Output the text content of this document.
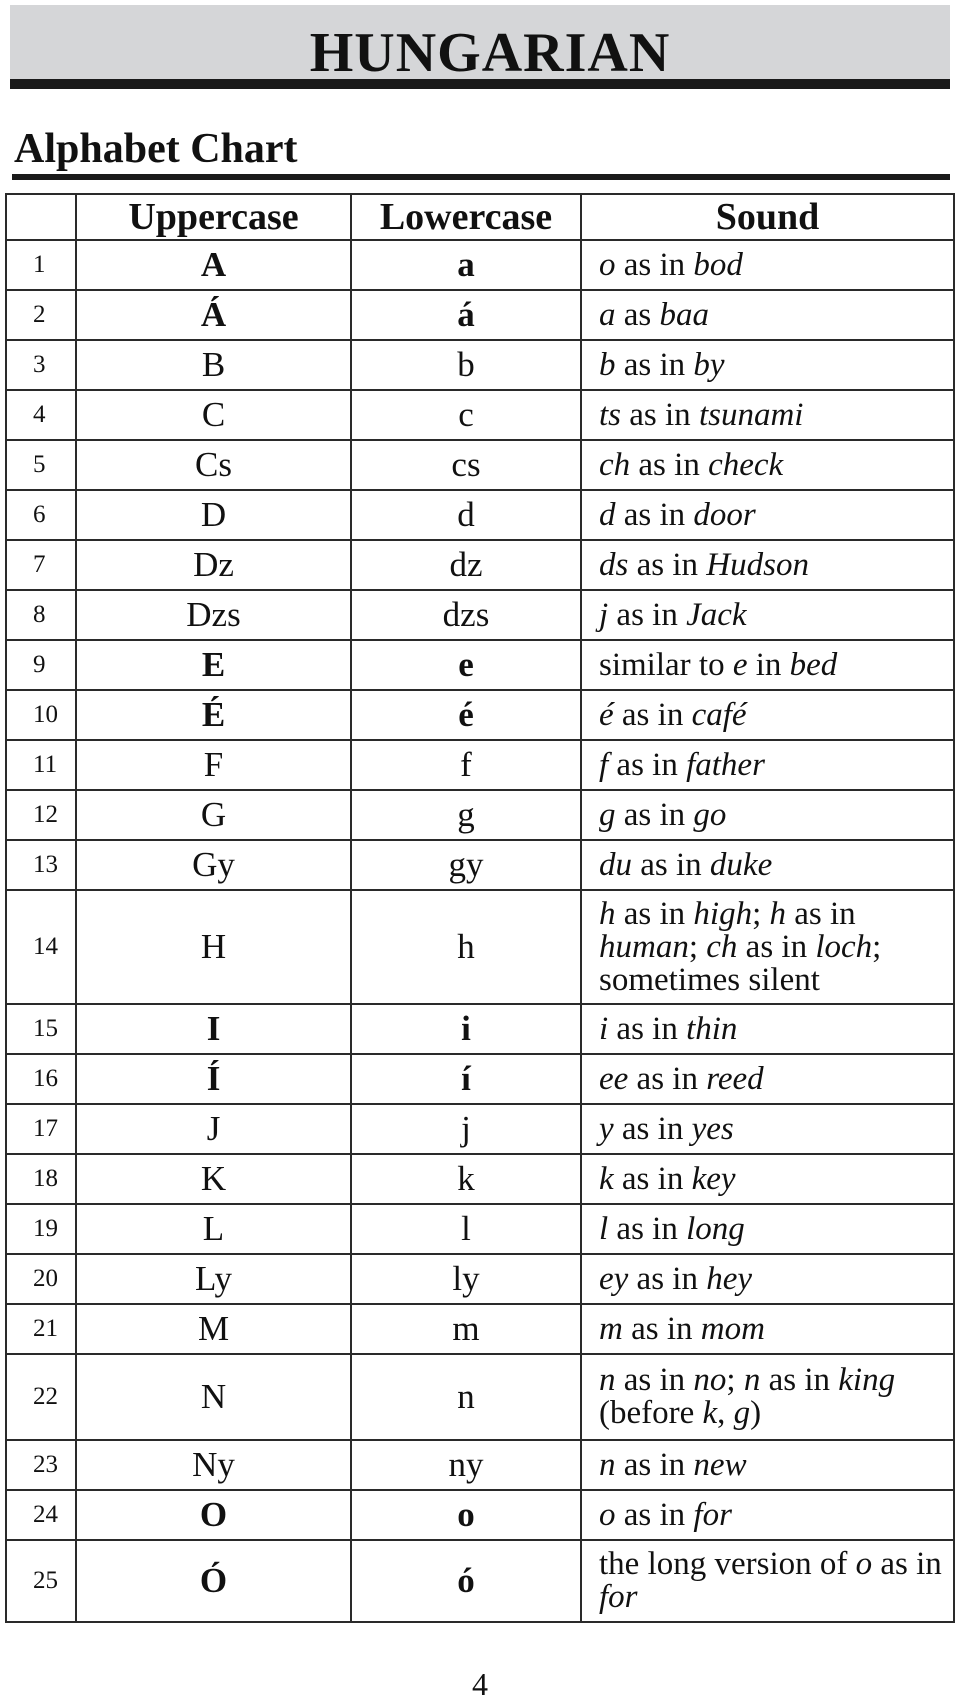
HUNGARIAN
Alphabet Chart
	Uppercase	Lowercase	Sound
1	A	a	o as in bod
2	Á	á	a as baa
3	B	b	b as in by
4	C	c	ts as in tsunami
5	Cs	cs	ch as in check
6	D	d	d as in door
7	Dz	dz	ds as in Hudson
8	Dzs	dzs	j as in Jack
9	E	e	similar to e in bed
10	É	é	é as in café
11	F	f	f as in father
12	G	g	g as in go
13	Gy	gy	du as in duke
14	H	h	h as in high; h as in human; ch as in loch; sometimes silent
15	I	i	i as in thin
16	Í	í	ee as in reed
17	J	j	y as in yes
18	K	k	k as in key
19	L	l	l as in long
20	Ly	ly	ey as in hey
21	M	m	m as in mom
22	N	n	n as in no; n as in king (before k, g)
23	Ny	ny	n as in new
24	O	o	o as in for
25	Ó	ó	the long version of o as in for
4
